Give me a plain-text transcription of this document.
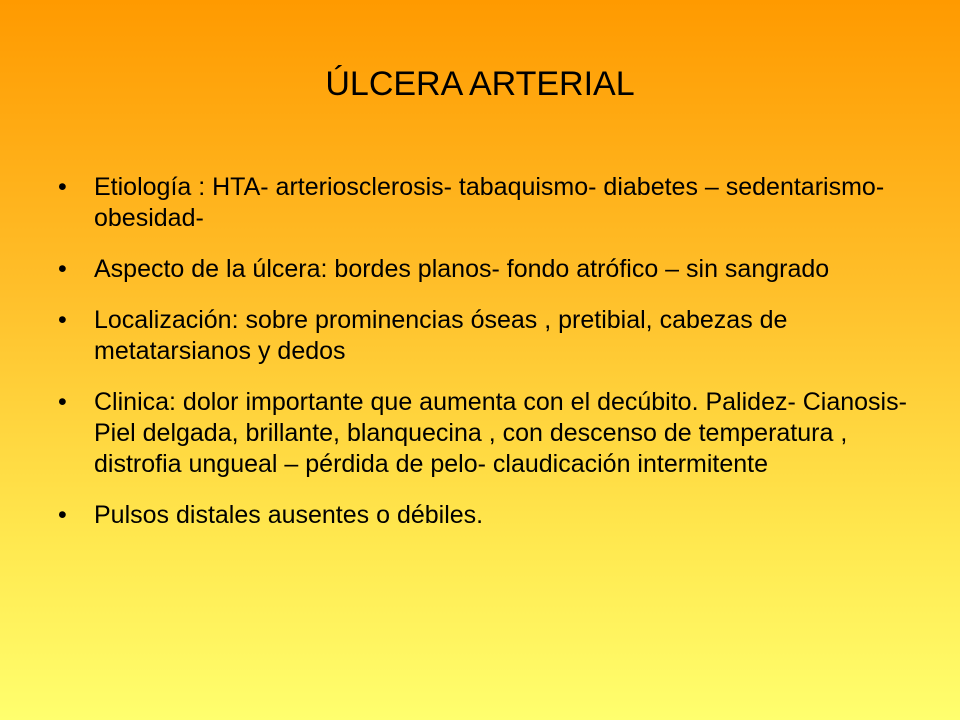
ÚLCERA ARTERIAL
•	Etiología : HTA- arteriosclerosis- tabaquismo- diabetes – sedentarismo-obesidad-
•	Aspecto de la úlcera: bordes planos- fondo atrófico – sin sangrado
•	Localización: sobre prominencias óseas , pretibial, cabezas de metatarsianos y dedos
•	Clinica: dolor importante que aumenta con el decúbito. Palidez- Cianosis- Piel delgada, brillante, blanquecina , con descenso de temperatura , distrofia ungueal – pérdida de pelo- claudicación intermitente
•	Pulsos distales ausentes o débiles.
